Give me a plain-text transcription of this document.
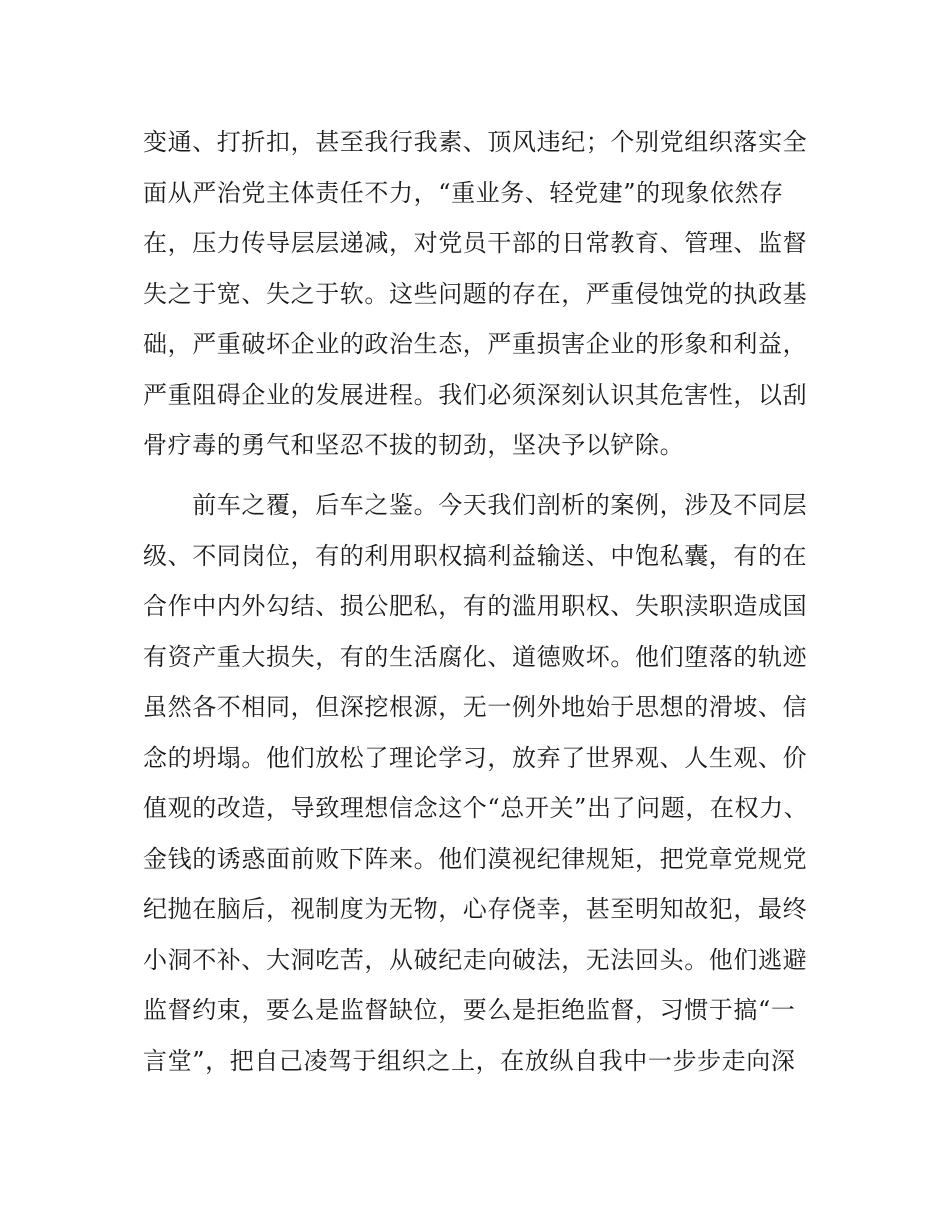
变通、打折扣，甚至我行我素、顶风违纪；个别党组织落实全
面从严治党主体责任不力，“重业务、轻党建”的现象依然存
在，压力传导层层递减，对党员干部的日常教育、管理、监督
失之于宽、失之于软。这些问题的存在，严重侵蚀党的执政基
础，严重破坏企业的政治生态，严重损害企业的形象和利益，
严重阻碍企业的发展进程。我们必须深刻认识其危害性，以刮
骨疗毒的勇气和坚忍不拔的韧劲，坚决予以铲除。
　　前车之覆，后车之鉴。今天我们剖析的案例，涉及不同层
级、不同岗位，有的利用职权搞利益输送、中饱私囊，有的在
合作中内外勾结、损公肥私，有的滥用职权、失职渎职造成国
有资产重大损失，有的生活腐化、道德败坏。他们堕落的轨迹
虽然各不相同，但深挖根源，无一例外地始于思想的滑坡、信
念的坍塌。他们放松了理论学习，放弃了世界观、人生观、价
值观的改造，导致理想信念这个“总开关”出了问题，在权力、
金钱的诱惑面前败下阵来。他们漠视纪律规矩，把党章党规党
纪抛在脑后，视制度为无物，心存侥幸，甚至明知故犯，最终
小洞不补、大洞吃苦，从破纪走向破法，无法回头。他们逃避
监督约束，要么是监督缺位，要么是拒绝监督，习惯于搞“一
言堂”，把自己凌驾于组织之上，在放纵自我中一步步走向深
